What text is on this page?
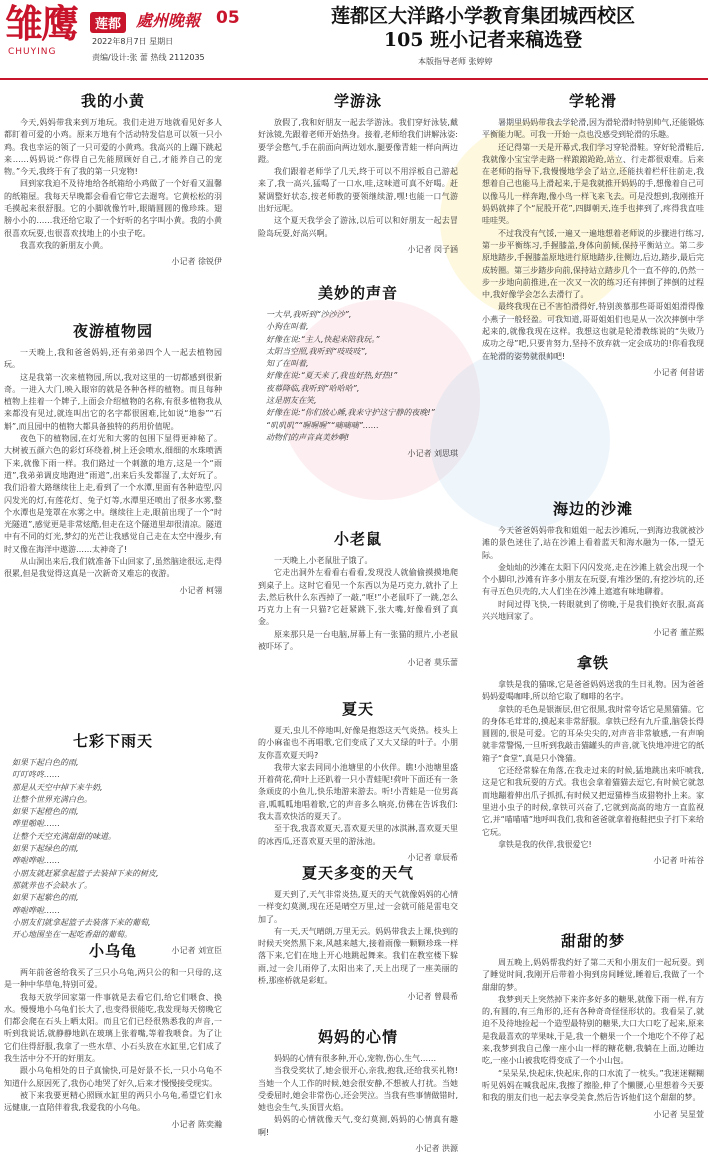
雏鹰
CHUYING
莲都 處州晚報 05
2022年8月7日 星期日
责编/设计:张 蕾 热线 2112035
莲都区大洋路小学教育集团城西校区
105 班小记者来稿选登
本版指导老师 张婷婷
我的小黄

今天,妈妈带我来到万地玩。我们走进万地就看见好多人都盯着可爱的小鸡。原来万地有个活动特发信息可以领一只小鸡。我也幸运的领了一只可爱的小黄鸡。我高兴的上蹦下跳起来……妈妈说:“你得自己先能照顾好自己,才能养自己的宠物。”今天,我终于有了我的第一只宠物!

回到家我迫不及待地给各纸箱给小鸡做了一个好看又温馨的纸箱屋。我每天早晚都会看看它带它去遛弯。它黄松松的羽毛摸起来很舒服。它的小脚就像竹叶,眼睛圆圆的像珍珠。翅膀小小的……我还给它取了一个好听的名字叫小黄。我的小黄很喜欢玩耍,也很喜欢找地上的小虫子吃。

我喜欢我的新朋友小黄。

小记者 徐锐伊
夜游植物园

一天晚上,我和爸爸妈妈,还有弟弟四个人一起去植物园玩。

这是我第一次来植物园,所以,我对这里的一切都感到很新奇。一进入大门,映入眼帘的就是各种各样的植物。而且每种植物上挂着一个牌子,上面会介绍植物的名称,有很多植物我从来都没有见过,就连叫出它的名字都很困难,比如说“地参”“石斛”,而且园中的植物大都具备独特的药用价值呢。

夜色下的植物园,在灯光和大雾的包围下显得更神秘了。大树被五颜六色的彩灯环绕着,树上还会喷水,细细的水珠喷洒下来,就像下雨一样。我们路过一个刺激的地方,这是一个“雨道”,我弟弟调皮地跑进“雨道”,出来后头发都湿了,太好玩了。我们沿着大路继续往上走,看到了一个水潭,里面有各种造型,闪闪发光的灯,有莲花灯、兔子灯等,水潭里还喷出了很多水雾,整个水潭也是笼罩在水雾之中。继续往上走,眼前出现了一个“时光隧道”,感觉更是非常炫酷,但走在这个隧道里却很清凉。隧道中有不同的灯光,梦幻的光芒让我感觉自己走在太空中漫步,有时又像在海洋中遨游……太神奇了!

从山洞出来后,我们就准备下山回家了,虽然脑途很远,走得很累,但是我觉得这真是一次新奇又难忘的夜游。

小记者 柯翎
七彩下雨天

如果下起白色的雨,

叮叮咚咚……

那是从天空中掉下来牛奶,

让整个世界充满白色。

如果下起橙色的雨,

哗里啪啦……

让整个天空充满甜甜的味道。

如果下起绿色的雨,

哗啦哗啦……

小朋友就赶紧拿起篮子去装掉下来的树皮,

那就养也不会缺水了。

如果下起紫色的雨,

哗啦哗啦……

小朋友们就拿起篮子去装落下来的葡萄,

开心地围坐在一起吃香甜的葡萄。

小记者 刘宣臣
小乌龟

两年前爸爸给我买了三只小乌龟,两只公的和一只母的,这是一种中华草龟,特别可爱。

我每天放学回家第一件事就是去看它们,给它们喂食、换水。慢慢地小乌龟们长大了,也变得很能吃,我发现每天傍晚它们都会爬在石头上晒太阳。而且它们已经很熟悉我的声音,一听到我说话,就静静地趴在玻璃上张着嘴,等着我喂食。为了让它们住得舒服,我拿了一些水草、小石头放在水缸里,它们成了我生活中分不开的好朋友。

跟小乌龟相处的日子真愉快,可是好景不长,一只小乌龟不知道什么原因死了,我伤心地哭了好久,后来才慢慢接受现实。

被下来我要更精心照顾水缸里的两只小乌龟,希望它们永远健康,一直陪伴着我,我爱我的小乌龟。

小记者 陈奕瀚
学游泳

放假了,我和好朋友一起去学游泳。我们穿好泳装,戴好泳镜,先跟着老师开始热身。接着,老师给我们讲解泳姿:要学会憋气,手在前面向两边划水,腿要像青蛙一样向两边蹬。

我们跟着老师学了几天,终于可以不用浮板自己游起来了,我一高兴,猛喝了一口水,哇,这味道可真不好喝。赶紧调整好状态,按老师教的要领继续游,嘿!也能一口气游出好远呢。

这个夏天我学会了游泳,以后可以和好朋友一起去冒险岛玩耍,好高兴啊。

小记者 闵子涵
美妙的声音

一大早,我听到“沙沙沙”,

小狗在叫着,

好像在说:“主人,快起来陪我玩。”

太阳当空照,我听到“吱吱吱”,

知了在叫着,

好像在说:“夏天来了,我也好热,好热!”

夜幕降临,我听到“哈哈哈”,

这是朋友在笑,

好像在说:“你们放心睡,我来守护这宁静的夜晚!”

“叽叽叽”“喔喔喔”“嘀嘀嘀”……

动物们的声音真美妙啊!

小记者 刘思琪
小老鼠

一天晚上,小老鼠肚子饿了。

它走出洞外左看看右看看,发现没人就偷偷摸摸地爬到桌子上。这时它看见一个东西以为是巧克力,就扑了上去,然后秋什么东西掉了一敲,“哐!”小老鼠吓了一跳,怎么巧克力上有一只猫?它赶紧跳下,张大嘴,好像看到了真金。

原来那只是一台电脑,屏幕上有一张猫的照片,小老鼠被吓坏了。

小记者 莫乐蕾
夏天

夏天,虫儿不停地叫,好像是抱怨这天气炎热。枝头上的小麻雀也不再唱歌,它们变成了又大又绿的叶子。小朋友你喜欢夏天吗?

我带大家去同同小池塘里的小伙伴。瞧!小池塘里盛开着荷花,荷叶上还趴着一只小青蛙呢!荷叶下面还有一条条顽皮的小鱼儿,快乐地游来游去。听!小青蛙是一位男高音,呱呱呱地唱着歌,它的声音多么响亮,仿佛在告诉我们:我太喜欢快活的夏天了。

至于我,我喜欢夏天,喜欢夏天里的冰淇淋,喜欢夏天里的冰西瓜,还喜欢夏天里的游泳池。

小记者 章辰希
夏天多变的天气

夏天到了,天气非常炎热,夏天的天气就像妈妈的心情一样变幻莫测,现在还是晴空万里,过一会就可能是雷电交加了。

有一天,天气晴朗,万里无云。妈妈带我去上课,快到的时候天突然黑下来,风越来越大,接着雨像一颗颗珍珠一样落下来,它们在地上开心地跳起舞来。我们在教室楼下躲雨,过一会儿雨停了,太阳出来了,天上出现了一座美丽的桥,那座桥就是彩虹。

小记者 曾晨希
妈妈的心情

妈妈的心情有很多种,开心,宠物,伤心,生气……

当我受奖状了,她会很开心,亲我,抱我,还给我买礼物!当她一个人工作的时候,她会很安静,不想被人打扰。当她受委屈时,她会非常伤心,还会哭泣。当我有些事情做错时,她也会生气,头顶冒火焰。

妈妈的心情就像天气,变幻莫测,妈妈的心情真有趣啊!

小记者 洪源
学轮滑

暑期里妈妈带我去学轮滑,因为滑轮滑时特别帅气,还能锻炼平衡能力呢。可我一开始一点也没感受到轮滑的乐趣。

还记得第一天是开幕式,我们学习穿轮滑鞋。穿好轮滑鞋后,我就像小宝宝学走路一样踉踉跄跄,站立、行走都很艰难。后来在老师的指导下,我慢慢地学会了站立,还能扶着栏杆往前走,我想着自己也能马上滑起来,于是我就推开妈妈的手,想像着自己可以像马儿一样奔跑,像小鸟一样飞来飞去。可是没想到,我刚推开妈妈就摔了个“屁股开花”,四脚朝天,连手也摔到了,疼得我直哇哇哇哭。

不过我没有气馁,一遍又一遍地想着老师说的步骤进行练习,第一步平衡练习,手握膝盖,身体向前倾,保持平衡站立。第二步原地踏步,手握膝盖原地进行原地踏步,往侧边,后边,踏步,最后完成转圈。第三步踏步向前,保持站立踏步几个一直不停的,仍然一步一步地向前推进,在一次又一次的练习还有摔倒了摔倒的过程中,我好像学会怎么去滑行了。

最终我现在已不害怕滑得好,特别羡慕那些哥哥姐姐滑得像小燕子一般轻盈。可我知道,哥哥姐姐们也是从一次次摔倒中学起来的,就像我现在这样。我想这也就是轮滑教练说的“失败乃成功之母”吧,只要肯努力,坚持不放弃就一定会成功的!你看我现在轮滑的姿势就很帅吧!

小记者 何昔诺
海边的沙滩

今天爸爸妈妈带我和姐姐一起去沙滩玩,一到海边我就被沙滩的景色迷住了,站在沙滩上看着蓝天和海水融为一体,一望无际。

金灿灿的沙滩在太阳下闪闪发亮,走在沙滩上就会出现一个个小脚印,沙滩有许多小朋友在玩耍,有堆沙堡的,有挖沙坑的,还有寻五色贝壳的,大人们坐在沙滩上遮遮有味地聊着。

时间过得飞快,一转眼就到了傍晚,于是我们换好衣服,高高兴兴地回家了。

小记者 董芷熙
拿铁

拿铁是我的猫咪,它是爸爸妈妈送我的生日礼物。因为爸爸妈妈爱喝咖啡,所以给它取了咖啡的名字。

拿铁的毛色是银渐层,但它很黑,我时常夸话它是黑猫猫。它的身体毛茸茸的,摸起来非常舒服。拿铁已经有九斤重,脑袋长得圆圆的,很是可爱。它的耳朵尖尖的,对声音非常敏感,一有声响就非常警惕,一旦听到我敲击猫罐头的声音,就飞快地冲进它的纸箱子“食堂”,真是只小馋猫。

它还经常躲在角落,在我走过来的时候,猛地跳出来吓唬我,这是它和我玩耍的方式。我也会拿着猫猫去逗它,有时候它就忽而地蹦着伸出爪子抓抓,有时候又把逗猫棒当成猎物扑上来。家里进小虫子的时候,拿铁可兴奋了,它就到高高的地方一直监视它,并“喵喵喵”地呼叫我们,我和爸爸就拿着拖鞋把虫子打下来给它玩。

拿铁是我的伙伴,我很爱它!

小记者 叶祐谷
甜甜的梦

周五晚上,妈妈帮我约好了第二天和小朋友们一起玩耍。到了睡觉时间,我刚开后带着小狗到房间睡觉,睡着后,我做了一个甜甜的梦。

我梦到天上突然掉下来许多好多的糖果,就像下雨一样,有方的,有圆的,有三角形的,还有各种奇奇怪怪形状的。我看呆了,就迫不及待地捡起一个造型最特别的糖果,大口大口吃了起来,原来是我最喜欢的苹果味,于是,我一个糖果一个一个地吃个不停了起来,我梦到我自己像一座小山一样的糖花糖,我躺在上面,边睡边吃,一座小山被我吃得变成了一个小山包。

“呆呆呆,快起床,快起床,你的口水流了一枕头。”我迷迷糊糊听见妈妈在喊我起床,我擦了擦脸,伸了个懒腰,心里想着今天要和我的朋友们也一起去享受美食,然后告诉他们这个甜甜的梦。

小记者 吴星萱
